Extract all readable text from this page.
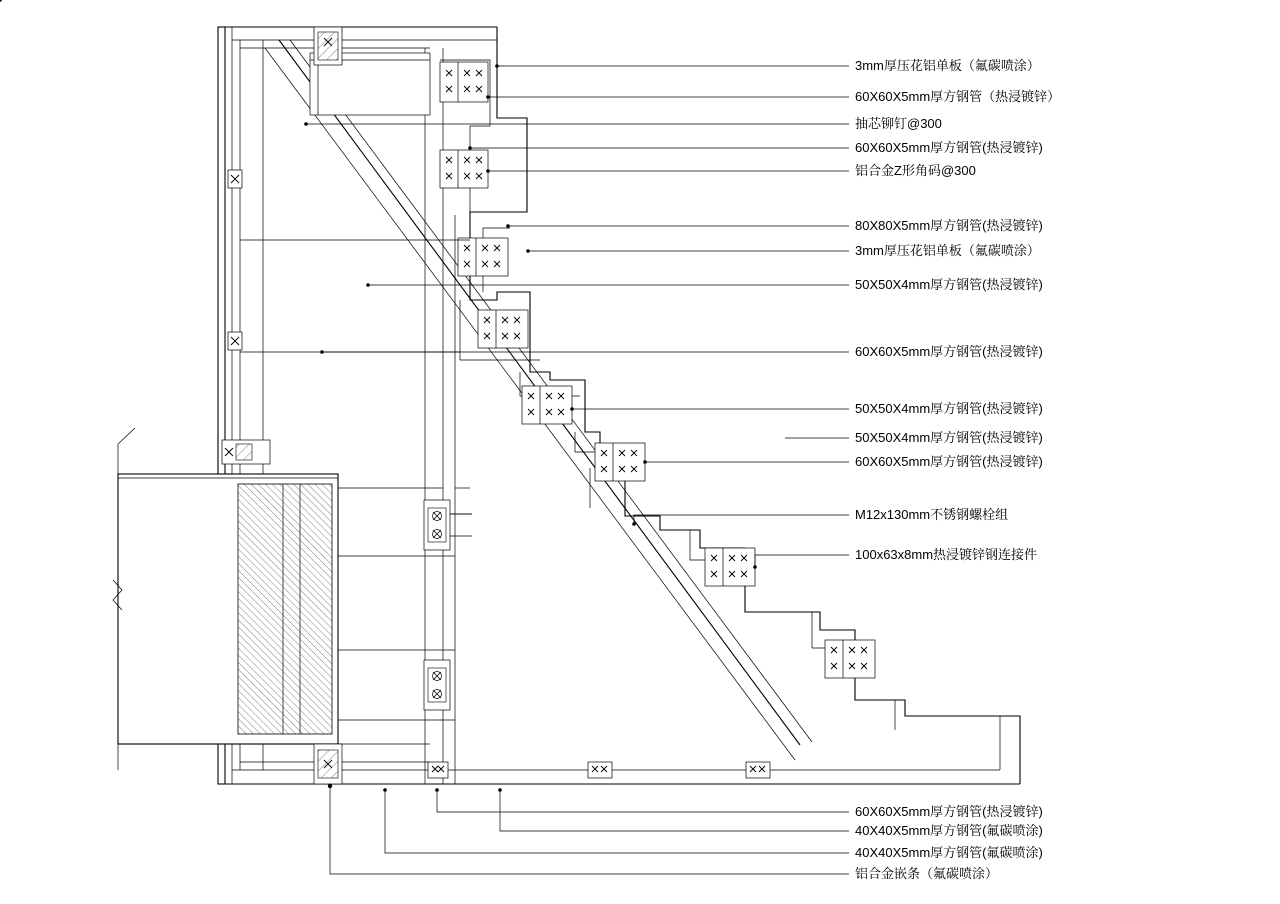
3mm厚压花铝单板（氟碳喷涂）
60X60X5mm厚方钢管（热浸镀锌）
抽芯铆钉@300
60X60X5mm厚方钢管(热浸镀锌)
铝合金Z形角码@300
80X80X5mm厚方钢管(热浸镀锌)
3mm厚压花铝单板（氟碳喷涂）
50X50X4mm厚方钢管(热浸镀锌)
60X60X5mm厚方钢管(热浸镀锌)
50X50X4mm厚方钢管(热浸镀锌)
50X50X4mm厚方钢管(热浸镀锌)
60X60X5mm厚方钢管(热浸镀锌)
M12x130mm不锈钢螺栓组
100x63x8mm热浸镀锌钢连接件
60X60X5mm厚方钢管(热浸镀锌)
40X40X5mm厚方钢管(氟碳喷涂)
40X40X5mm厚方钢管(氟碳喷涂)
铝合金嵌条（氟碳喷涂）
